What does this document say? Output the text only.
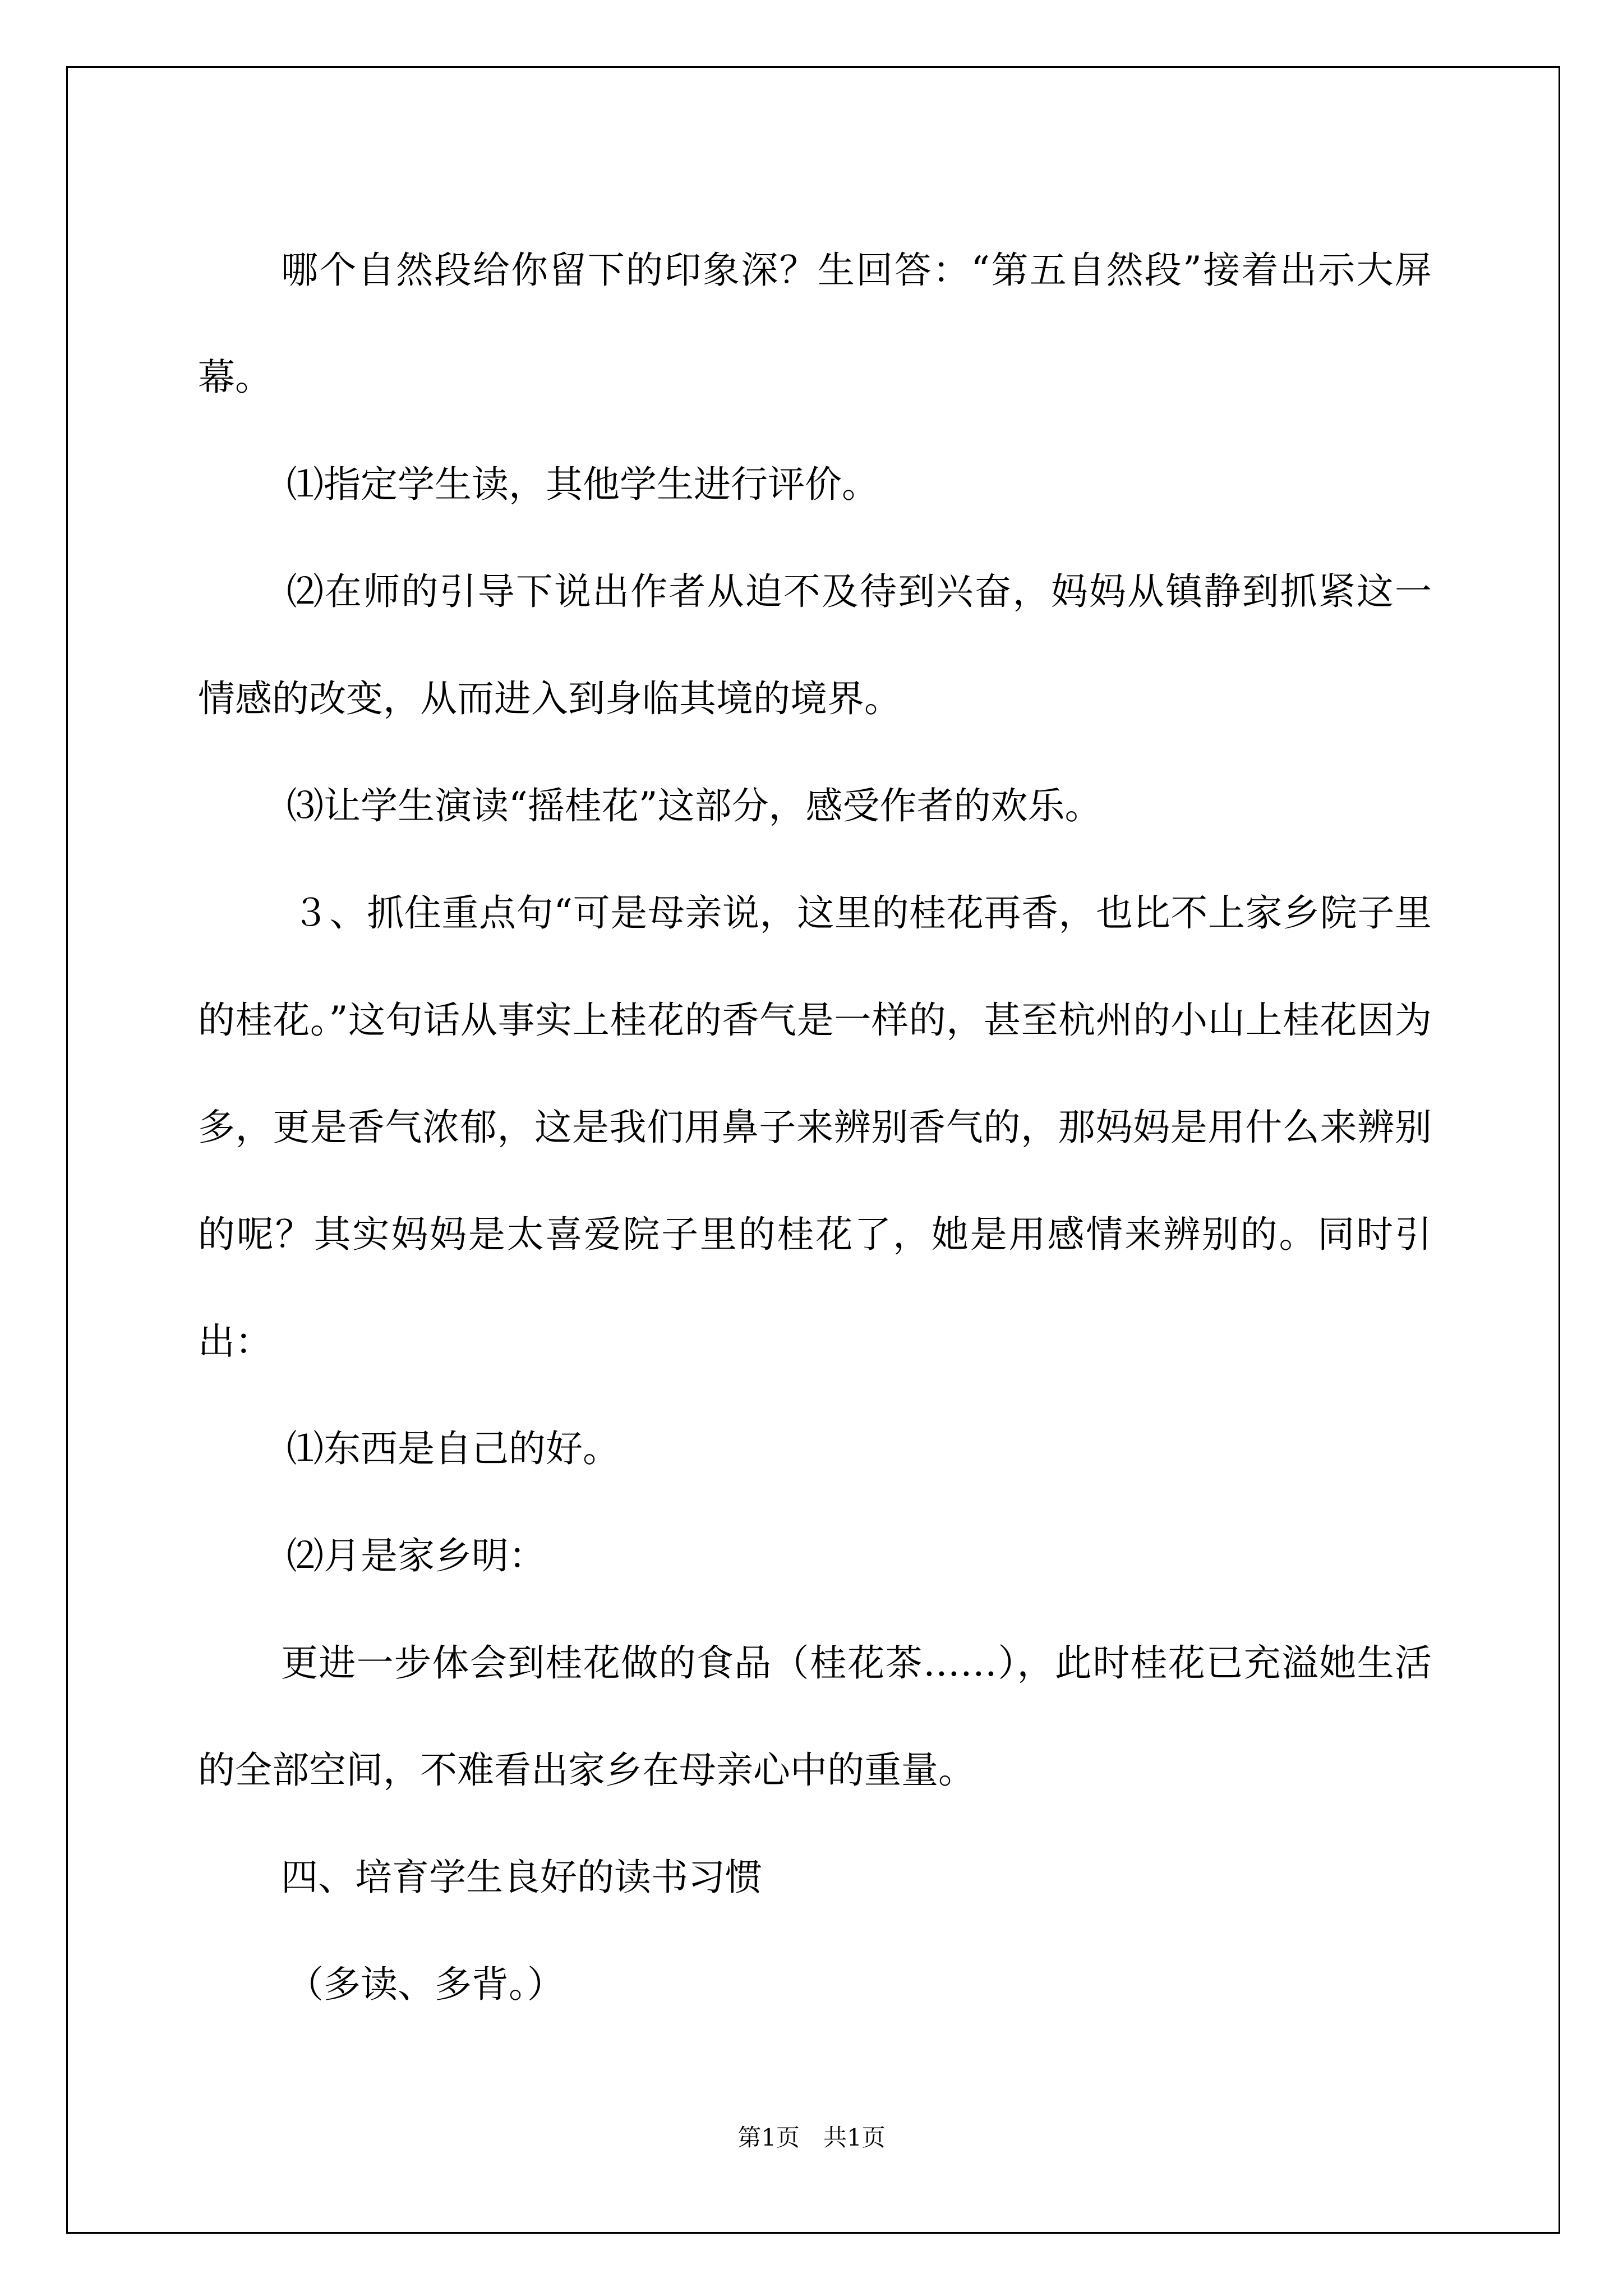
哪个自然段给你留下的印象深？生回答：“第五自然段”接着出示大屏幕。

⑴指定学生读，其他学生进行评价。

⑵在师的引导下说出作者从迫不及待到兴奋，妈妈从镇静到抓紧这一情感的改变，从而进入到身临其境的境界。

⑶让学生演读“摇桂花”这部分，感受作者的欢乐。

３、抓住重点句“可是母亲说，这里的桂花再香，也比不上家乡院子里的桂花。”这句话从事实上桂花的香气是一样的，甚至杭州的小山上桂花因为多，更是香气浓郁，这是我们用鼻子来辨别香气的，那妈妈是用什么来辨别的呢？其实妈妈是太喜爱院子里的桂花了，她是用感情来辨别的。同时引出：

⑴东西是自己的好。

⑵月是家乡明：

更进一步体会到桂花做的食品（桂花茶……），此时桂花已充溢她生活的全部空间，不难看出家乡在母亲心中的重量。

四、培育学生良好的读书习惯

（多读、多背。）

第1页　共1页
